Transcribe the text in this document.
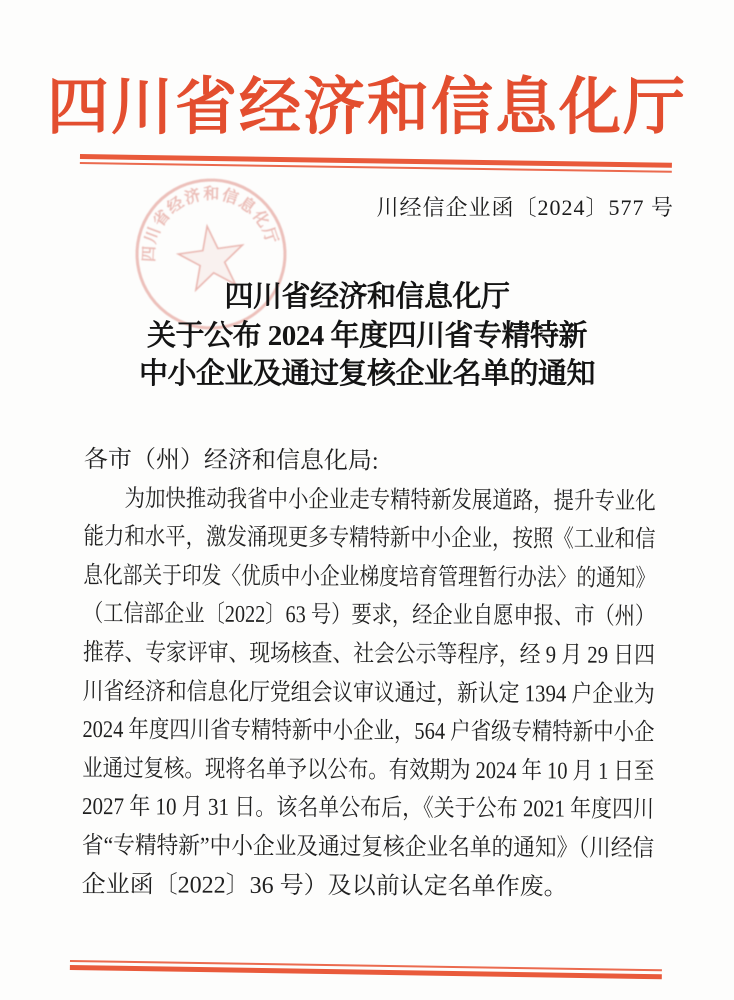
四川省经济和信息化厅
四川省经济和信息化厅
川经信企业函〔2024〕577 号
四川省经济和信息化厅
关于公布 2024 年度四川省专精特新
中小企业及通过复核企业名单的通知
各市（州）经济和信息化局:
　　为加快推动我省中小企业走专精特新发展道路，提升专业化
能力和水平，激发涌现更多专精特新中小企业，按照《工业和信
息化部关于印发〈优质中小企业梯度培育管理暂行办法〉的通知》
（工信部企业〔2022〕63 号）要求，经企业自愿申报、市（州）
推荐、专家评审、现场核查、社会公示等程序，经 9 月 29 日四
川省经济和信息化厅党组会议审议通过，新认定 1394 户企业为
2024 年度四川省专精特新中小企业，564 户省级专精特新中小企
业通过复核。现将名单予以公布。有效期为 2024 年 10 月 1 日至
2027 年 10 月 31 日。该名单公布后，《关于公布 2021 年度四川
省“专精特新”中小企业及通过复核企业名单的通知》（川经信
企业函〔2022〕36 号）及以前认定名单作废。
